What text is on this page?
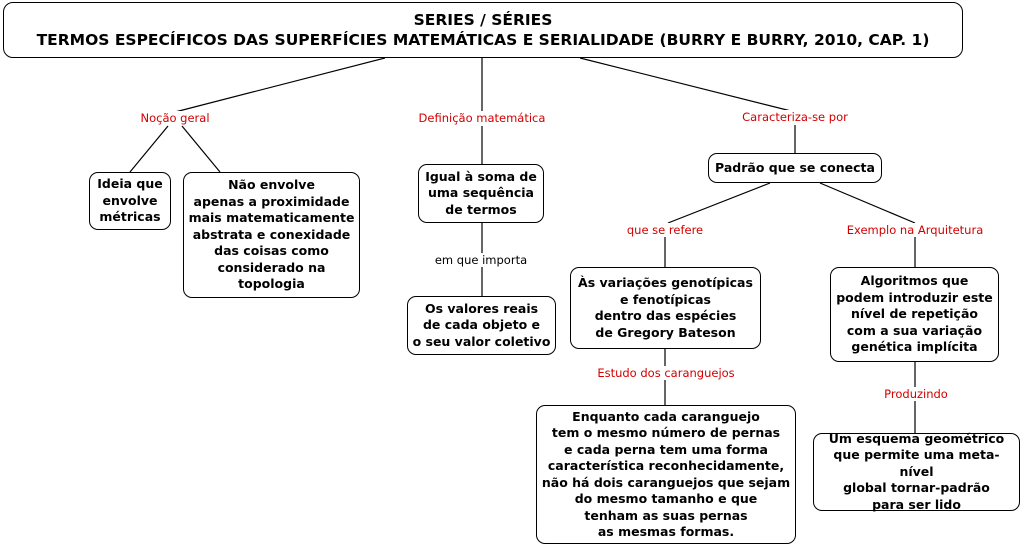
SERIES / SÉRIES
TERMOS ESPECÍFICOS DAS SUPERFÍCIES MATEMÁTICAS E SERIALIDADE (BURRY E BURRY, 2010, CAP. 1)
Noção geral	Definição matemática	Caracteriza-se por
em que importa
que se refere	Exemplo na Arquitetura
Estudo dos caranguejos
Produzindo
Ideia que
envolve
métricas
Não envolve
apenas a proximidade
mais matematicamente
abstrata e conexidade
das coisas como
considerado na
topologia
Igual à soma de
uma sequência
de termos
Os valores reais
de cada objeto e
o seu valor coletivo
Padrão que se conecta
Às variações genotípicas
e fenotípicas
dentro das espécies
de Gregory Bateson
Algoritmos que
podem introduzir este
nível de repetição
com a sua variação
genética implícita
Enquanto cada caranguejo
tem o mesmo número de pernas
e cada perna tem uma forma
característica reconhecidamente,
não há dois caranguejos que sejam
do mesmo tamanho e que
tenham as suas pernas
as mesmas formas.
Um esquema geométrico
que permite uma meta-nível
global tornar-padrão
para ser lido
